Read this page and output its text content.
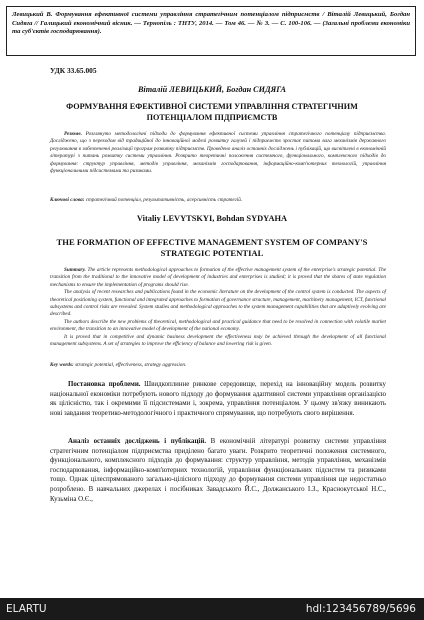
Левицький В. Формування ефективної системи управління стратегічним потенціалом підприємств / Віталій Левицький, Богдан Сидяга // Галицький економічний вісник. — Тернопіль : ТНТУ, 2014. — Том 46. — № 3. — С. 100-106. — (Загальні проблеми економіки та суб'єктів господарювання).
УДК 33.65.005
Віталій ЛЕВИЦЬКИЙ, Богдан СИДЯГА
ФОРМУВАННЯ ЕФЕКТИВНОЇ СИСТЕМИ УПРАВЛІННЯ СТРАТЕГІЧНИМ ПОТЕНЦІАЛОМ ПІДПРИЄМСТВ

Резюме. Розглянуто методологічні підходи до формування ефективної системи управління стратегічного потенціалу підприємства. Досліджено, що з переходом від традиційної до інноваційної моделі розвитку галузей і підприємств зростає питома вага механізмів державного регулювання в забезпеченні реалізації програм розвитку підприємств. Проведено аналіз останніх досліджень і публікацій, що висвітлені в економічній літературі з питань розвитку системи управління. Розкрито теоретичні положення системного, функціонального, комплексного підходів до формування: структур управління, методів управління, механізмів господарювання, інформаційно-комп'ютерних технологій, управління функціональними підсистемами та ризиками.

Ключові слова: стратегічний потенціал, результативність, асерсивність стратегій.
Vitaliy LEVYTSKYI, Bohdan SYDYAHA
THE FORMATION OF EFFECTIVE MANAGEMENT SYSTEM OF COMPANY'S STRATEGIC POTENTIAL

Summary. The article represents methodological approaches to formation of the effective management system of the enterprise's strategic potential. The transition from the traditional to the innovative model of development of industries and enterprises is studied; it is proved that the shares of state regulation mechanisms to ensure the implementation of programs should rise.

The analysis of recent researches and publications found in the economic literature on the development of the control system is conducted. The aspects of theoretical positioning system, functional and integrated approaches to formation of governance structure, management, machinery management, ICT, functional subsystems and control risks are revealed. System studies and methodological approaches to the system management capabilities that are adaptively evolving are described.

The authors describe the new problems of theoretical, methodological and practical guidance that need to be resolved in connection with volatile market environment, the transition to an innovative model of development of the national economy.

It is proved that in competitive and dynamic business development the effectiveness may be achieved through the development of all functional management subsystems. A set of strategies to improve the efficiency of balance and lowering risk is given.

Key words: strategic potential, effectiveness, strategy aggression.
Постановка проблеми. Швидкоплинне ринкове середовище, перехід на інноваційну модель розвитку національної економіки потребують нового підходу до формування адаптивної системи управління організацією як цілісністю, так і окремими її підсистемами і, зокрема, управління потенціалом. У цьому зв'язку виникають нові завдання теоретико-методологічного і практичного спрямування, що потребують свого вирішення.
Аналіз останніх досліджень і публікацій. В економічній літературі розвитку системи управління стратегічним потенціалом підприємства приділено багато уваги. Розкрито теоретичні положення системного, функціонального, комплексного підходів до формування: структур управління, методів управління, механізмів господарювання, інформаційно-комп'ютерних технологій, управління функціональних підсистем та ризиками тощо. Однак цілеспрямованого загально-цілісного підходу до формування системи управління ще недостатньо розроблено. В навчальних джерелах і посібниках Завадського Й.С., Должанського І.З., Краснокутської Н.С., Кузьміна О.Є.,
ELARTU	hdl:123456789/5696
